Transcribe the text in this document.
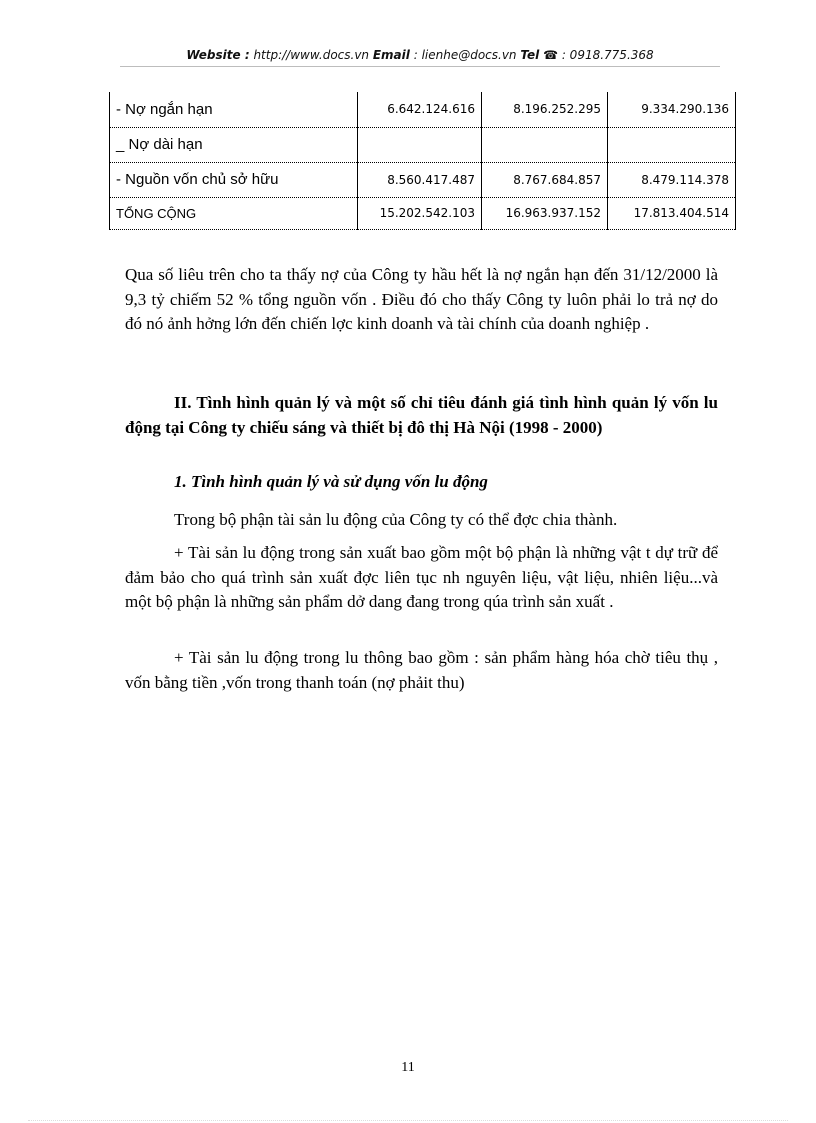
Website : http://www.docs.vn Email : lienhe@docs.vn Tel ☎ : 0918.775.368
- Nợ ngắn hạn	6.642.124.616	8.196.252.295	9.334.290.136
_ Nợ dài hạn			
- Nguồn vốn chủ sở hữu	8.560.417.487	8.767.684.857	8.479.114.378
TỔNG CỘNG	15.202.542.103	16.963.937.152	17.813.404.514
Qua số liêu trên cho ta thấy nợ của Công ty hầu hết là nợ ngắn hạn đến 31/12/2000 là 9,3 tỷ chiếm 52 % tổng nguồn vốn . Điều đó cho thấy Công ty luôn phải lo trả nợ do đó nó ảnh hởng lớn đến chiến lợc kinh doanh và tài chính của doanh nghiệp .
II. Tình hình quản lý và một số chỉ tiêu đánh giá tình hình quản lý vốn lu động tại Công ty chiếu sáng và thiết bị đô thị Hà Nội (1998 - 2000)
1. Tình hình quản lý và sử dụng vốn lu động
Trong bộ phận tài sản lu động của Công ty có thể đợc chia thành.
+ Tài sản lu động trong sản xuất bao gồm một bộ phận là những vật t dự trữ để đảm bảo cho quá trình sản xuất đợc liên tục nh nguyên liệu, vật liệu, nhiên liệu...và một bộ phận là những sản phẩm dở dang đang trong qúa trình sản xuất .
+ Tài sản lu động trong lu thông bao gồm : sản phẩm hàng hóa chờ tiêu thụ , vốn bằng tiền ,vốn trong thanh toán (nợ phảit thu)
11
